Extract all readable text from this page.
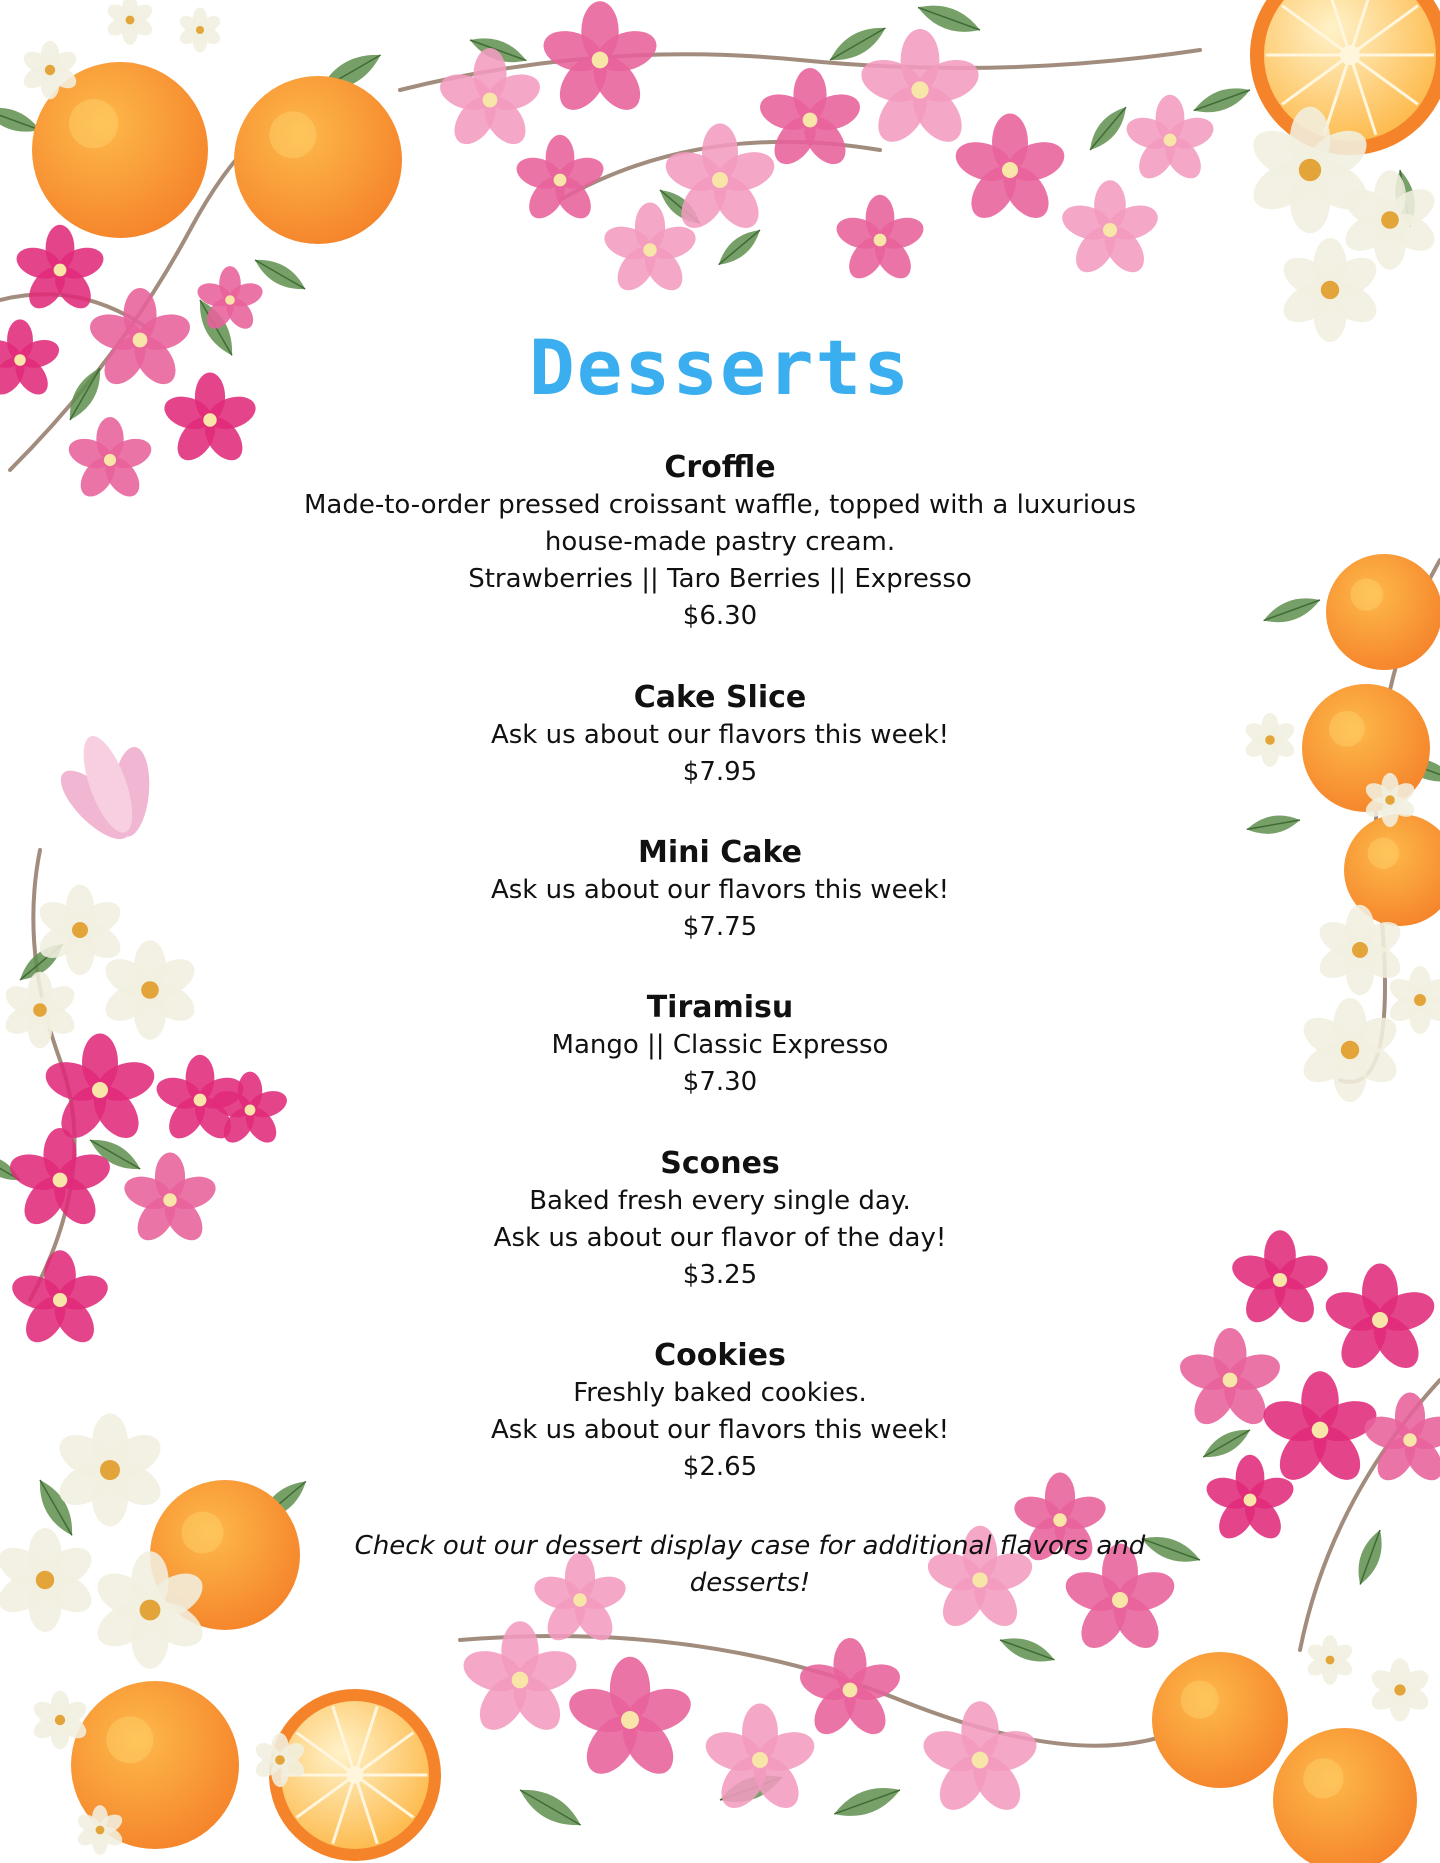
Desserts
Croffle
Made-to-order pressed croissant waffle, topped with a luxurious
house-made pastry cream.
Strawberries || Taro Berries || Expresso
$6.30
Cake Slice
Ask us about our flavors this week!
$7.95
Mini Cake
Ask us about our flavors this week!
$7.75
Tiramisu
Mango || Classic Expresso
$7.30
Scones
Baked fresh every single day.
Ask us about our flavor of the day!
$3.25
Cookies
Freshly baked cookies.
Ask us about our flavors this week!
$2.65
Check out our dessert display case for additional flavors and desserts!
